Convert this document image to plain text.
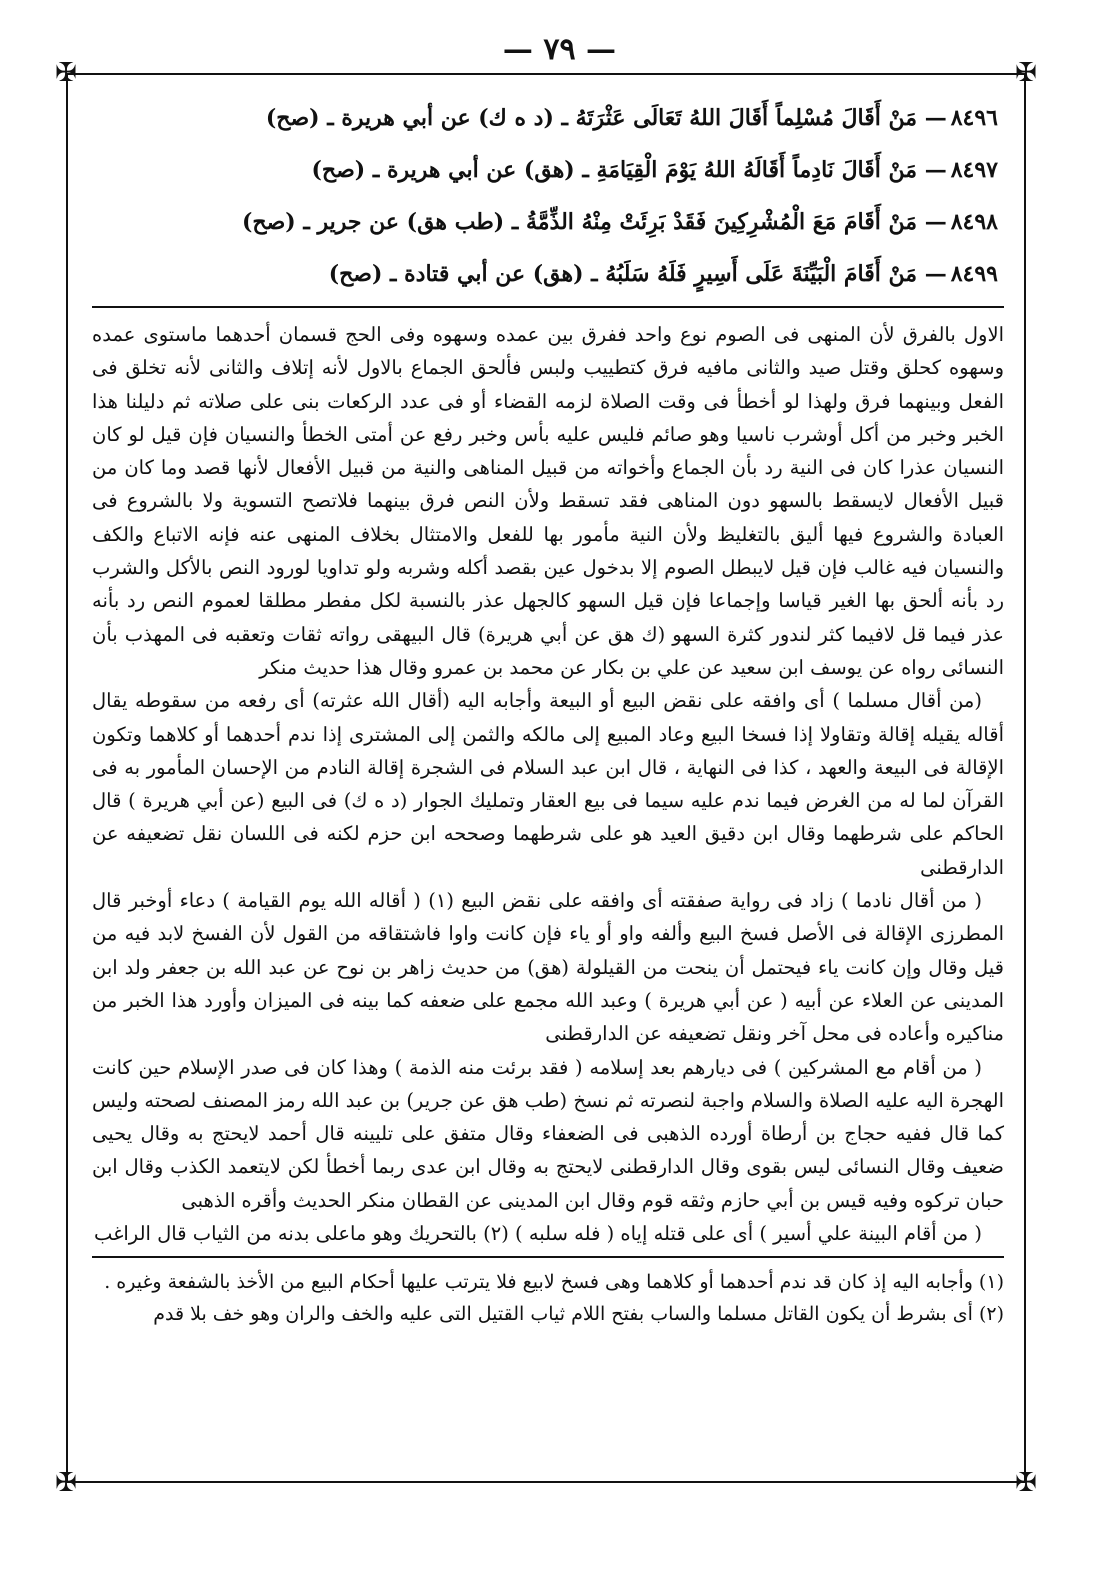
— ٧٩ —
✠	✠
✠	✠
٨٤٩٦— مَنْ أَقَالَ مُسْلِماً أَقَالَ اللهُ تَعَالَى عَثْرَتَهُ ـ (د ه ك) عن أبي هريرة ـ (صح)
٨٤٩٧— مَنْ أَقَالَ نَادِماً أَقَالَهُ اللهُ يَوْمَ الْقِيَامَةِ ـ (هق) عن أبي هريرة ـ (صح)
٨٤٩٨— مَنْ أَقَامَ مَعَ الْمُشْرِكِينَ فَقَدْ بَرِئَتْ مِنْهُ الذِّمَّةُ ـ (طب هق) عن جرير ـ (صح)
٨٤٩٩— مَنْ أَقَامَ الْبَيِّنَةَ عَلَى أَسِيرٍ فَلَهُ سَلَبُهُ ـ (هق) عن أبي قتادة ـ (صح)

الاول بالفرق لأن المنهى فى الصوم نوع واحد ففرق بين عمده وسهوه وفى الحج قسمان أحدهما ماستوى عمده وسهوه كحلق وقتل صيد والثانى مافيه فرق كتطييب ولبس فألحق الجماع بالاول لأنه إتلاف والثانى لأنه تخلق فى الفعل وبينهما فرق ولهذا لو أخطأ فى وقت الصلاة لزمه القضاء أو فى عدد الركعات بنى على صلاته ثم دليلنا هذا الخبر وخبر من أكل أوشرب ناسيا وهو صائم فليس عليه بأس وخبر رفع عن أمتى الخطأ والنسيان فإن قيل لو كان النسيان عذرا كان فى النية رد بأن الجماع وأخواته من قبيل المناهى والنية من قبيل الأفعال لأنها قصد وما كان من قبيل الأفعال لايسقط بالسهو دون المناهى فقد تسقط ولأن النص فرق بينهما فلاتصح التسوية ولا بالشروع فى العبادة والشروع فيها أليق بالتغليظ ولأن النية مأمور بها للفعل والامتثال بخلاف المنهى عنه فإنه الاتباع والكف والنسيان فيه غالب فإن قيل لايبطل الصوم إلا بدخول عين بقصد أكله وشربه ولو تداويا لورود النص بالأكل والشرب رد بأنه ألحق بها الغير قياسا وإجماعا فإن قيل السهو كالجهل عذر بالنسبة لكل مفطر مطلقا لعموم النص رد بأنه عذر فيما قل لافيما كثر لندور كثرة السهو (ك هق عن أبي هريرة) قال البيهقى رواته ثقات وتعقبه فى المهذب بأن النسائى رواه عن يوسف ابن سعيد عن علي بن بكار عن محمد بن عمرو وقال هذا حديث منكر

(من أقال مسلما ) أى وافقه على نقض البيع أو البيعة وأجابه اليه (أقال الله عثرته) أى رفعه من سقوطه يقال أقاله يقيله إقالة وتقاولا إذا فسخا البيع وعاد المبيع إلى مالكه والثمن إلى المشترى إذا ندم أحدهما أو كلاهما وتكون الإقالة فى البيعة والعهد ، كذا فى النهاية ، قال ابن عبد السلام فى الشجرة إقالة النادم من الإحسان المأمور به فى القرآن لما له من الغرض فيما ندم عليه سيما فى بيع العقار وتمليك الجوار (د ه ك) فى البيع (عن أبي هريرة ) قال الحاكم على شرطهما وقال ابن دقيق العيد هو على شرطهما وصححه ابن حزم لكنه فى اللسان نقل تضعيفه عن الدارقطنى

( من أقال نادما ) زاد فى رواية صفقته أى وافقه على نقض البيع (١) ( أقاله الله يوم القيامة ) دعاء أوخبر قال المطرزى الإقالة فى الأصل فسخ البيع وألفه واو أو ياء فإن كانت واوا فاشتقاقه من القول لأن الفسخ لابد فيه من قيل وقال وإن كانت ياء فيحتمل أن ينحت من القيلولة (هق) من حديث زاهر بن نوح عن عبد الله بن جعفر ولد ابن المدينى عن العلاء عن أبيه ( عن أبي هريرة ) وعبد الله مجمع على ضعفه كما بينه فى الميزان وأورد هذا الخبر من مناكيره وأعاده فى محل آخر ونقل تضعيفه عن الدارقطنى

( من أقام مع المشركين ) فى ديارهم بعد إسلامه ( فقد برئت منه الذمة ) وهذا كان فى صدر الإسلام حين كانت الهجرة اليه عليه الصلاة والسلام واجبة لنصرته ثم نسخ (طب هق عن جرير) بن عبد الله رمز المصنف لصحته وليس كما قال ففيه حجاج بن أرطاة أورده الذهبى فى الضعفاء وقال متفق على تليينه قال أحمد لايحتج به وقال يحيى ضعيف وقال النسائى ليس بقوى وقال الدارقطنى لايحتج به وقال ابن عدى ربما أخطأ لكن لايتعمد الكذب وقال ابن حبان تركوه وفيه قيس بن أبي حازم وثقه قوم وقال ابن المدينى عن القطان منكر الحديث وأقره الذهبى

( من أقام البينة علي أسير ) أى على قتله إياه ( فله سلبه ) (٢) بالتحريك وهو ماعلى بدنه من الثياب قال الراغب

(١) وأجابه اليه إذ كان قد ندم أحدهما أو كلاهما وهى فسخ لابيع فلا يترتب عليها أحكام البيع من الأخذ بالشفعة وغيره .

(٢) أى بشرط أن يكون القاتل مسلما والساب بفتح اللام ثياب القتيل التى عليه والخف والران وهو خف بلا قدم
